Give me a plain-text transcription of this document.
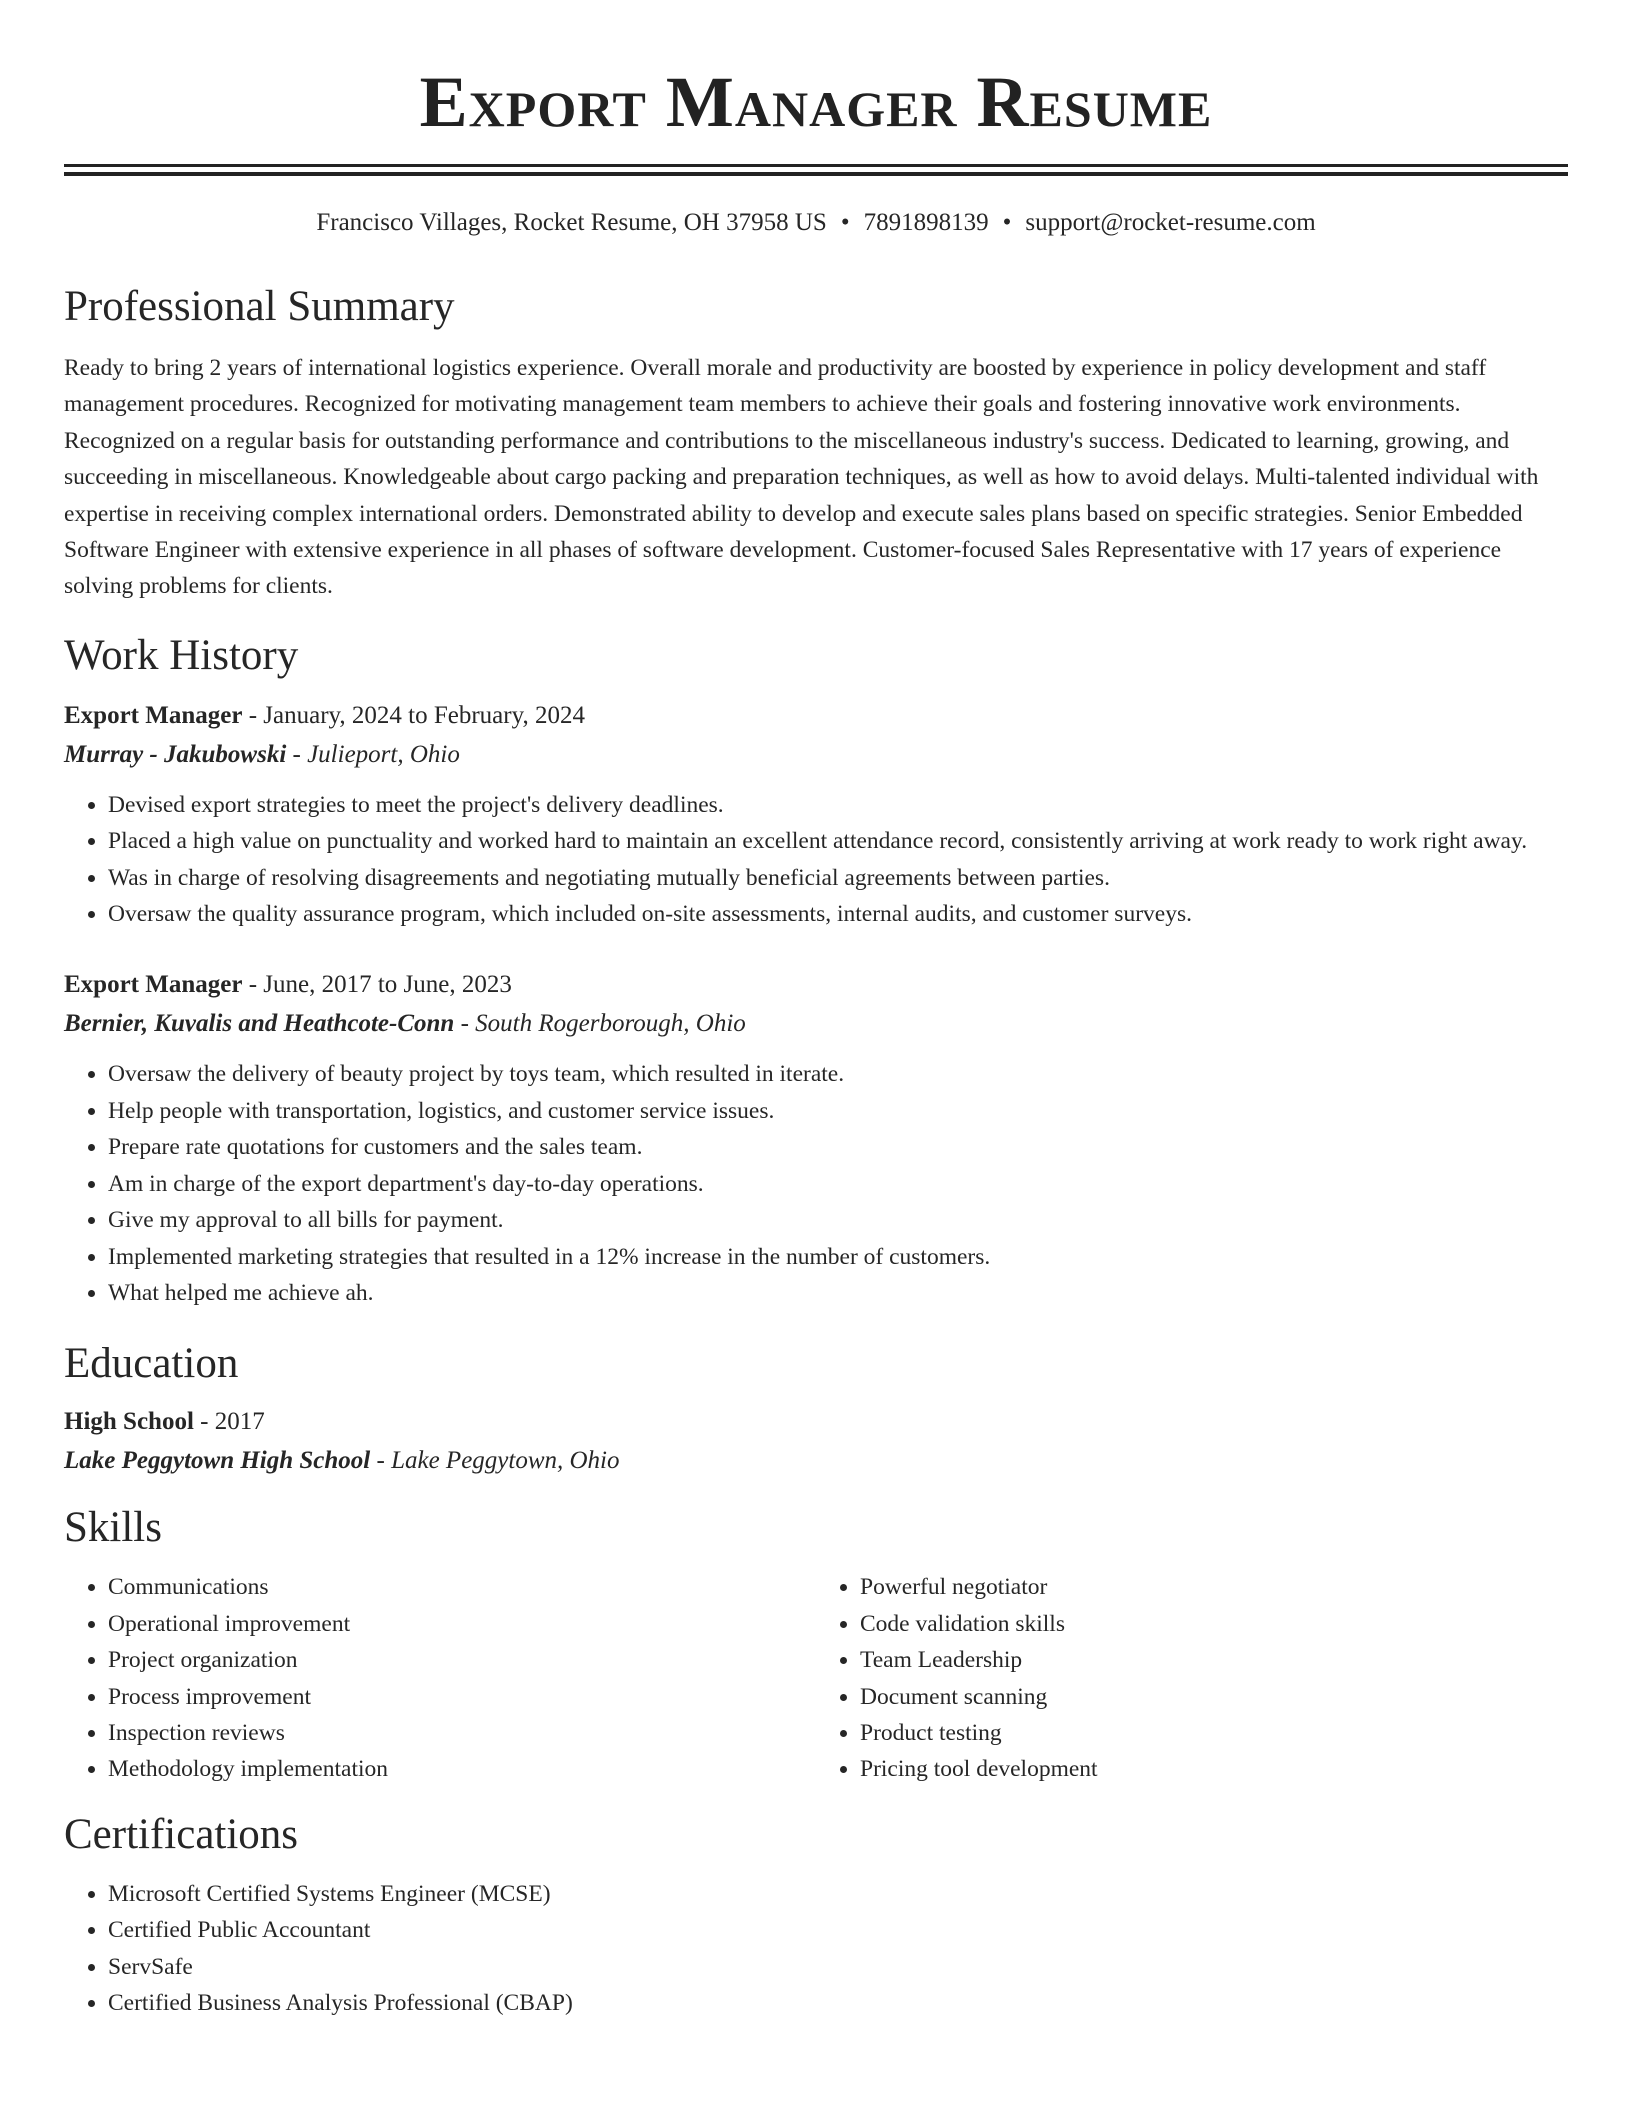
Export Manager Resume
Francisco Villages, Rocket Resume, OH 37958 US • 7891898139 • support@rocket-resume.com
Professional Summary

Ready to bring 2 years of international logistics experience. Overall morale and productivity are boosted by experience in policy development and staff management procedures. Recognized for motivating management team members to achieve their goals and fostering innovative work environments. Recognized on a regular basis for outstanding performance and contributions to the miscellaneous industry's success. Dedicated to learning, growing, and succeeding in miscellaneous. Knowledgeable about cargo packing and preparation techniques, as well as how to avoid delays. Multi-talented individual with expertise in receiving complex international orders. Demonstrated ability to develop and execute sales plans based on specific strategies. Senior Embedded Software Engineer with extensive experience in all phases of software development. Customer-focused Sales Representative with 17 years of experience solving problems for clients.

Work History
Export Manager - January, 2024 to February, 2024
Murray - Jakubowski - Julieport, Ohio
• Devised export strategies to meet the project's delivery deadlines.
• Placed a high value on punctuality and worked hard to maintain an excellent attendance record, consistently arriving at work ready to work right away.
• Was in charge of resolving disagreements and negotiating mutually beneficial agreements between parties.
• Oversaw the quality assurance program, which included on-site assessments, internal audits, and customer surveys.
Export Manager - June, 2017 to June, 2023
Bernier, Kuvalis and Heathcote-Conn - South Rogerborough, Ohio
• Oversaw the delivery of beauty project by toys team, which resulted in iterate.
• Help people with transportation, logistics, and customer service issues.
• Prepare rate quotations for customers and the sales team.
• Am in charge of the export department's day-to-day operations.
• Give my approval to all bills for payment.
• Implemented marketing strategies that resulted in a 12% increase in the number of customers.
• What helped me achieve ah.
Education
High School - 2017
Lake Peggytown High School - Lake Peggytown, Ohio
Skills
• Communications
• Operational improvement
• Project organization
• Process improvement
• Inspection reviews
• Methodology implementation
• Powerful negotiator
• Code validation skills
• Team Leadership
• Document scanning
• Product testing
• Pricing tool development
Certifications
• Microsoft Certified Systems Engineer (MCSE)
• Certified Public Accountant
• ServSafe
• Certified Business Analysis Professional (CBAP)
